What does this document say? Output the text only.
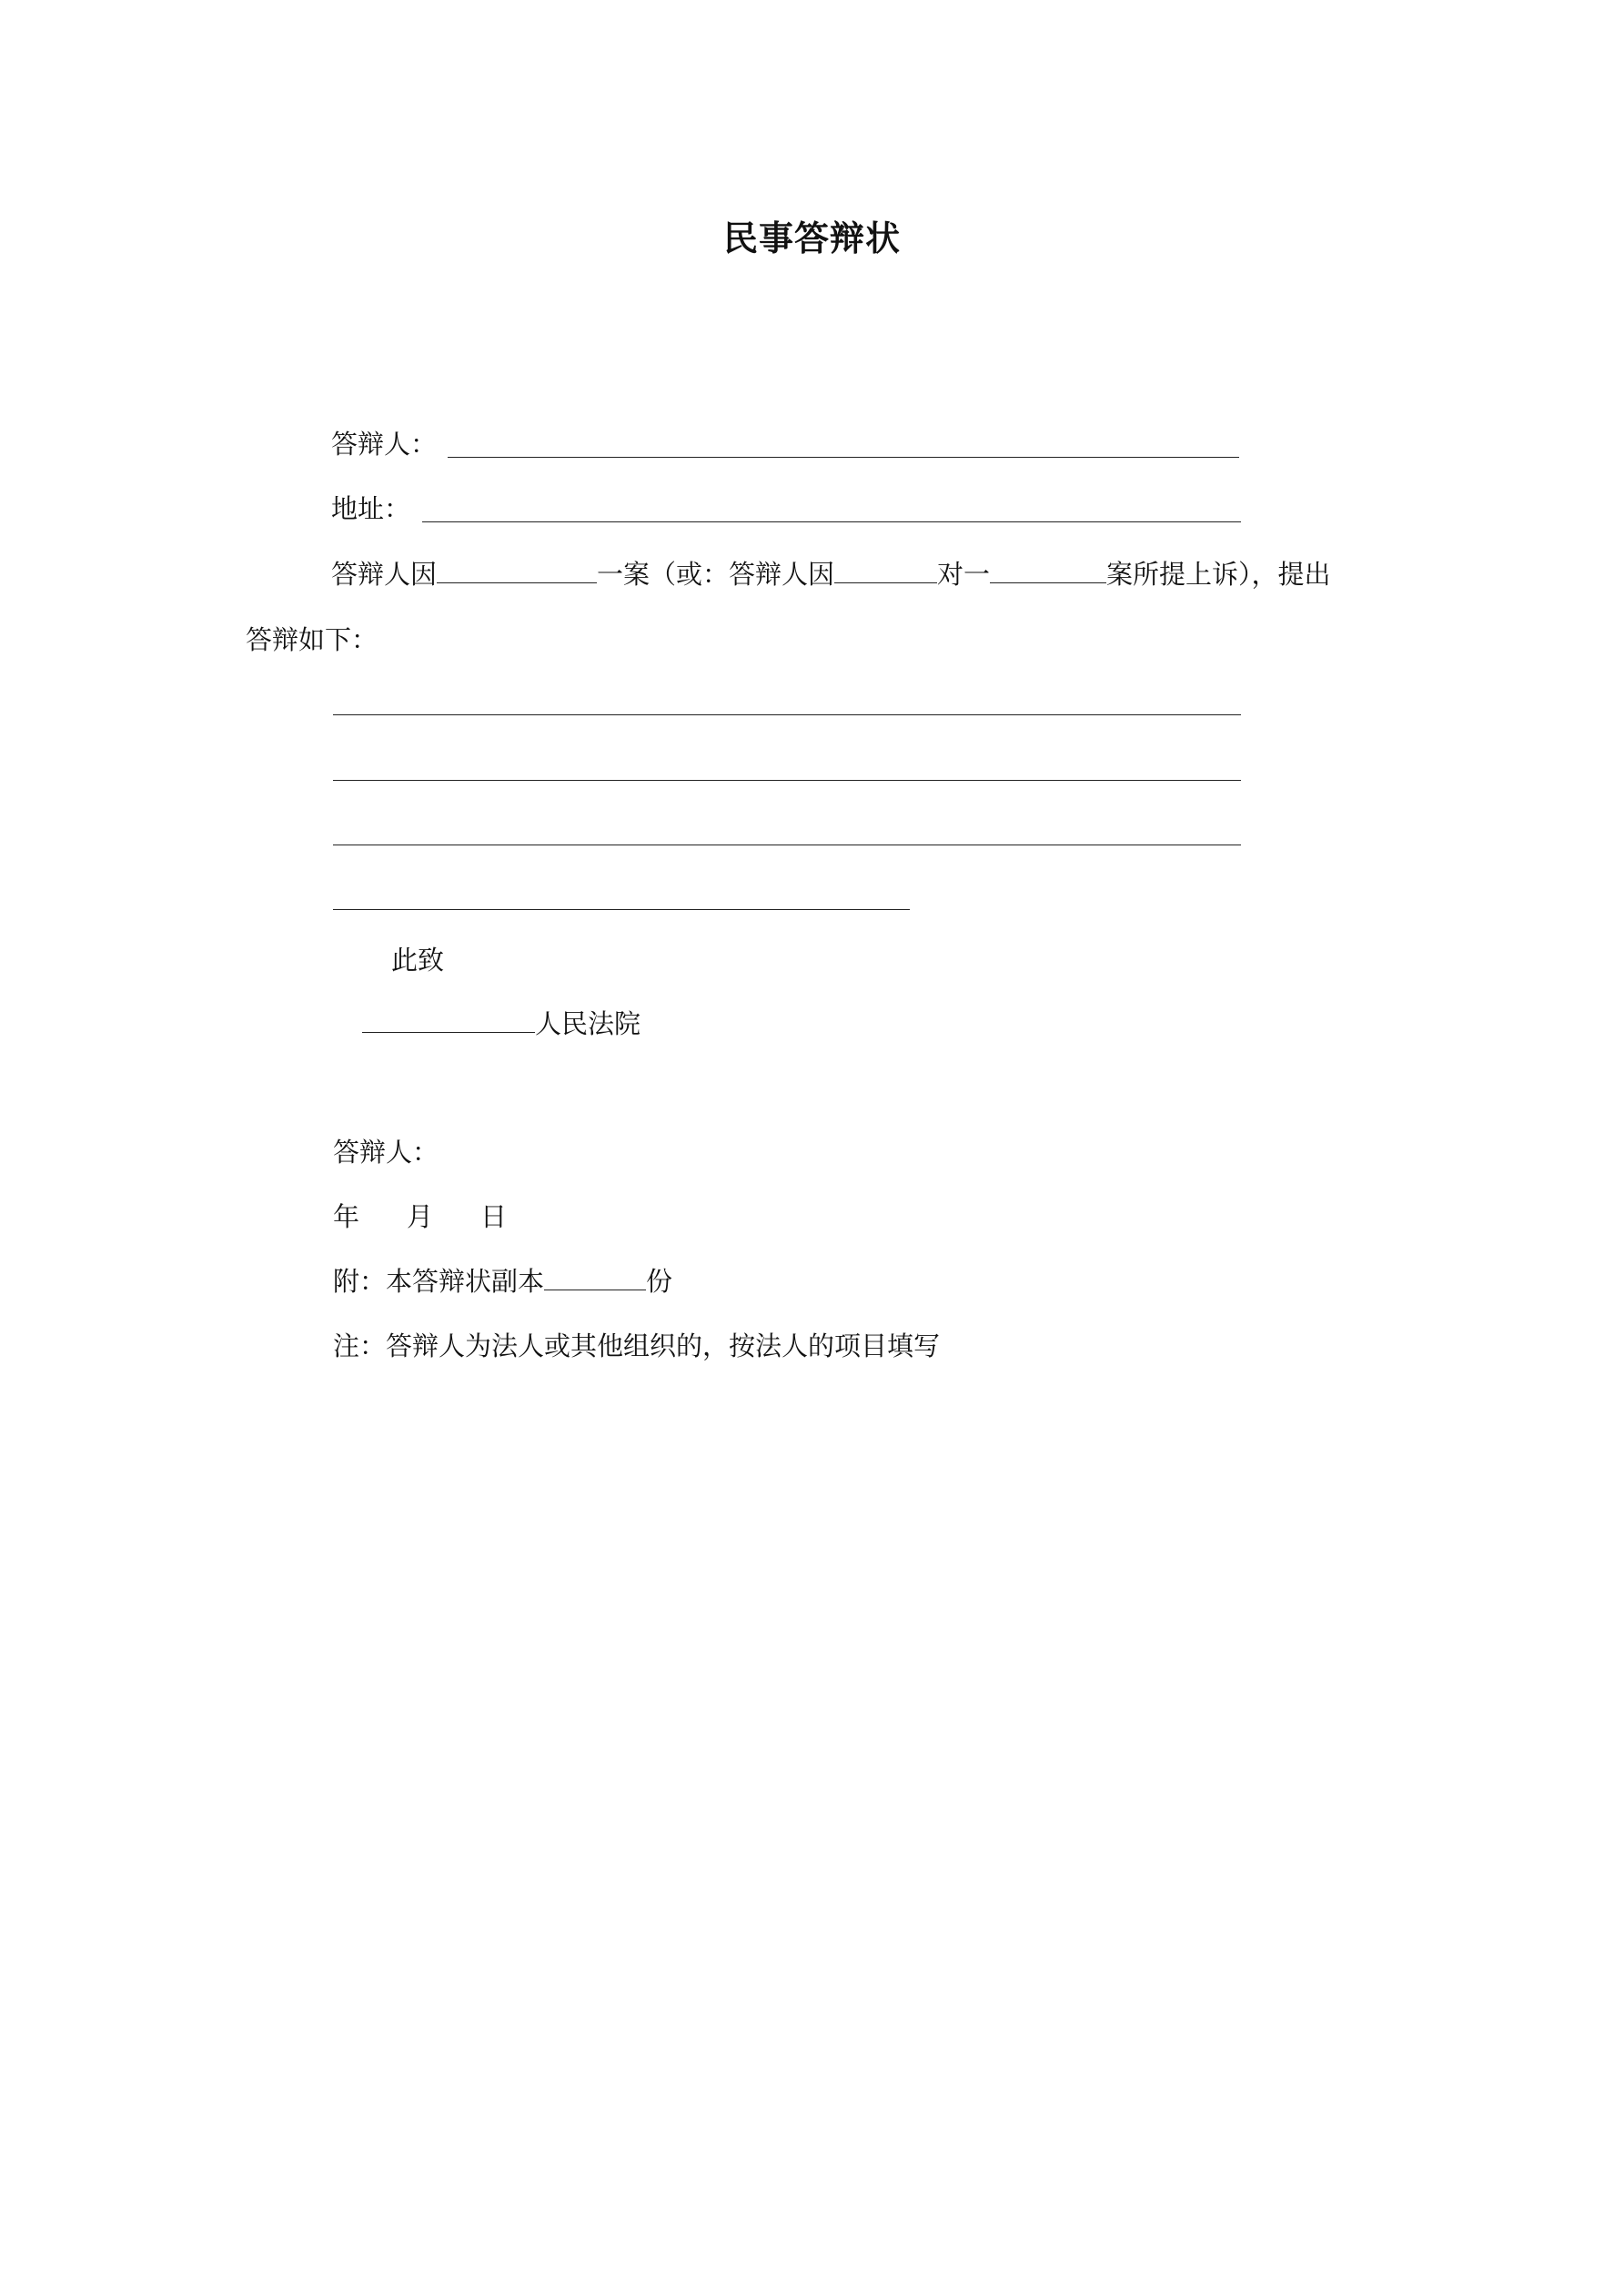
民事答辩状
答辩人：
地址：
答辩人因	一案（或：答辩人因	对一	案所提上诉），提出
答辩如下：
此致
人民法院
答辩人：
年 月 日
附：本答辩状副本	份
注：答辩人为法人或其他组织的，按法人的项目填写
